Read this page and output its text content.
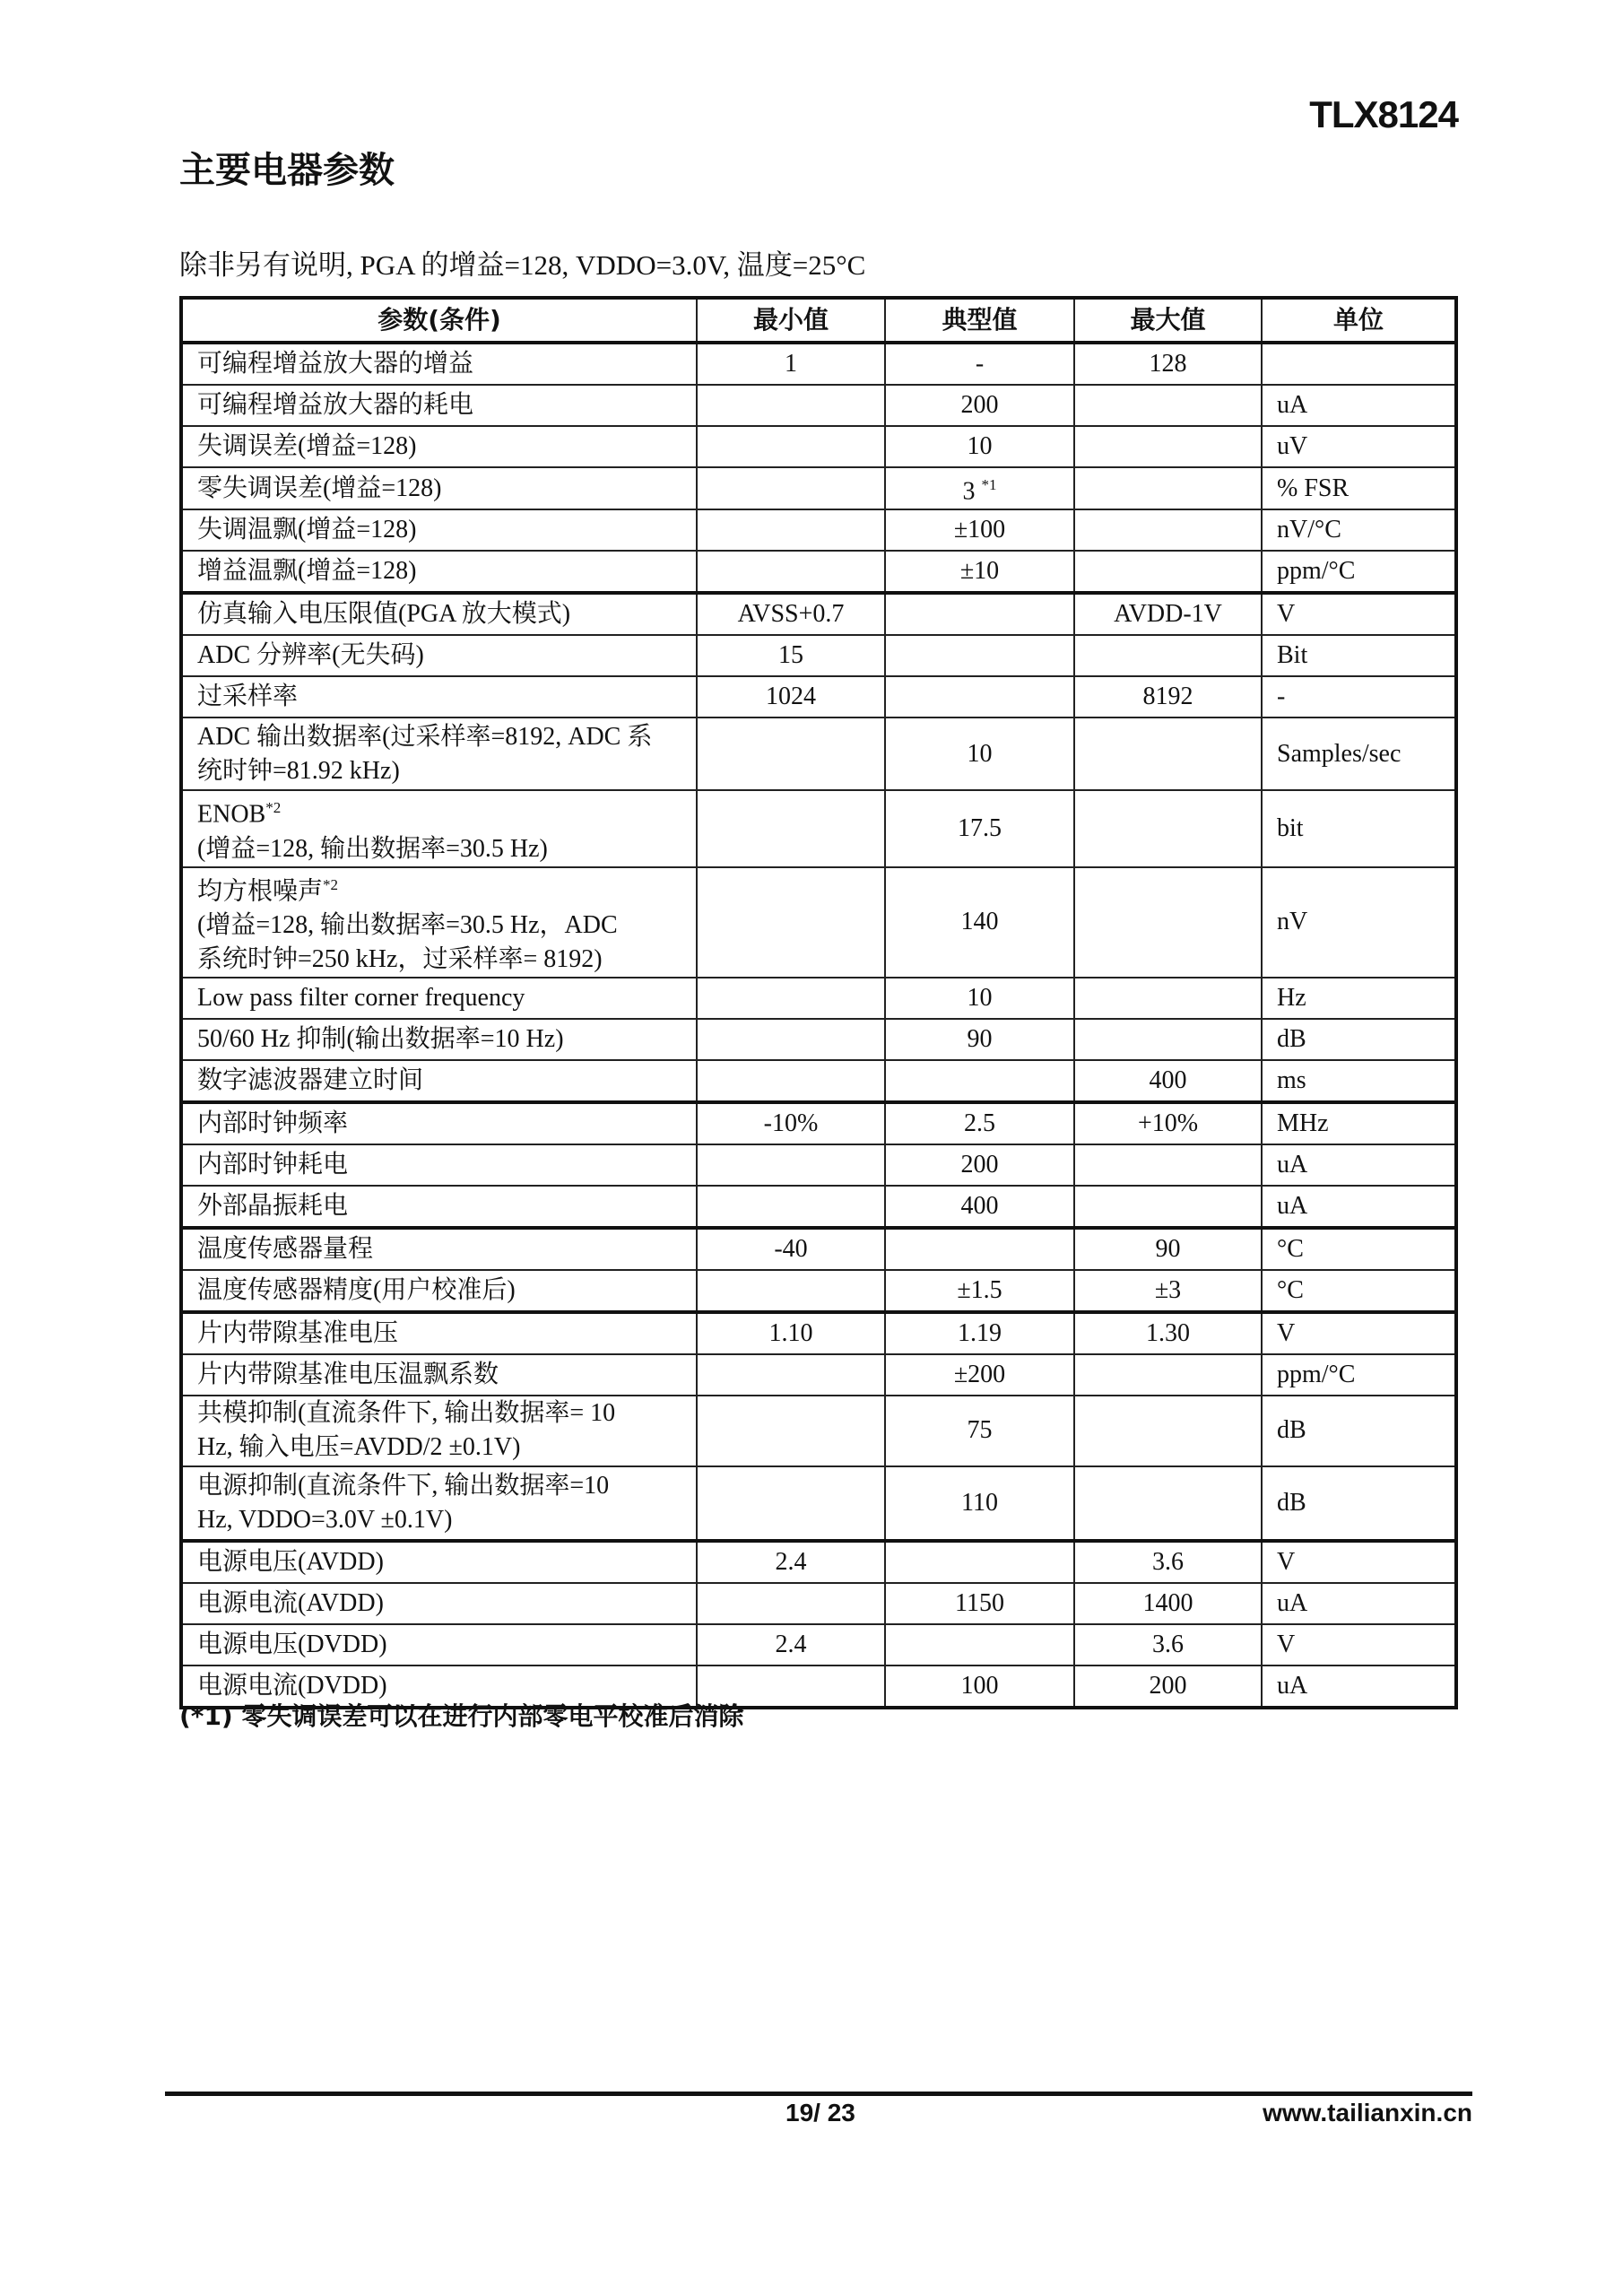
TLX8124
主要电器参数
除非另有说明, PGA 的增益=128, VDDO=3.0V, 温度=25°C
参数(条件)	最小值	典型值	最大值	单位
可编程增益放大器的增益	1	-	128	
可编程增益放大器的耗电		200		uA
失调误差(增益=128)		10		uV
零失调误差(增益=128)		3 $^{*1}$		% FSR
失调温飘(增益=128)		±100		nV/°C
增益温飘(增益=128)		±10		ppm/°C
仿真输入电压限值(PGA 放大模式)	AVSS+0.7		AVDD-1V	V
ADC 分辨率(无失码)	15			Bit
过采样率	1024		8192	-
ADC 输出数据率(过采样率=8192, ADC 系
统时钟=81.92 kHz)		10		Samples/sec
ENOB$^{*2}$
(增益=128, 输出数据率=30.5 Hz)		17.5		bit
均方根噪声$^{*2}$
(增益=128, 输出数据率=30.5 Hz，ADC
系统时钟=250 kHz，过采样率= 8192)		140		nV
Low pass filter corner frequency		10		Hz
50/60 Hz 抑制(输出数据率=10 Hz)		90		dB
数字滤波器建立时间			400	ms
内部时钟频率	-10%	2.5	+10%	MHz
内部时钟耗电		200		uA
外部晶振耗电		400		uA
温度传感器量程	-40		90	°C
温度传感器精度(用户校准后)		±1.5	±3	°C
片内带隙基准电压	1.10	1.19	1.30	V
片内带隙基准电压温飘系数		±200		ppm/°C
共模抑制(直流条件下, 输出数据率= 10
Hz, 输入电压=AVDD/2 ±0.1V)		75		dB
电源抑制(直流条件下, 输出数据率=10
Hz, VDDO=3.0V ±0.1V)		110		dB
电源电压(AVDD)	2.4		3.6	V
电源电流(AVDD)		1150	1400	uA
电源电压(DVDD)	2.4		3.6	V
电源电流(DVDD)		100	200	uA
(*1) 零失调误差可以在进行内部零电平校准后消除
19/ 23	www.tailianxin.cn
